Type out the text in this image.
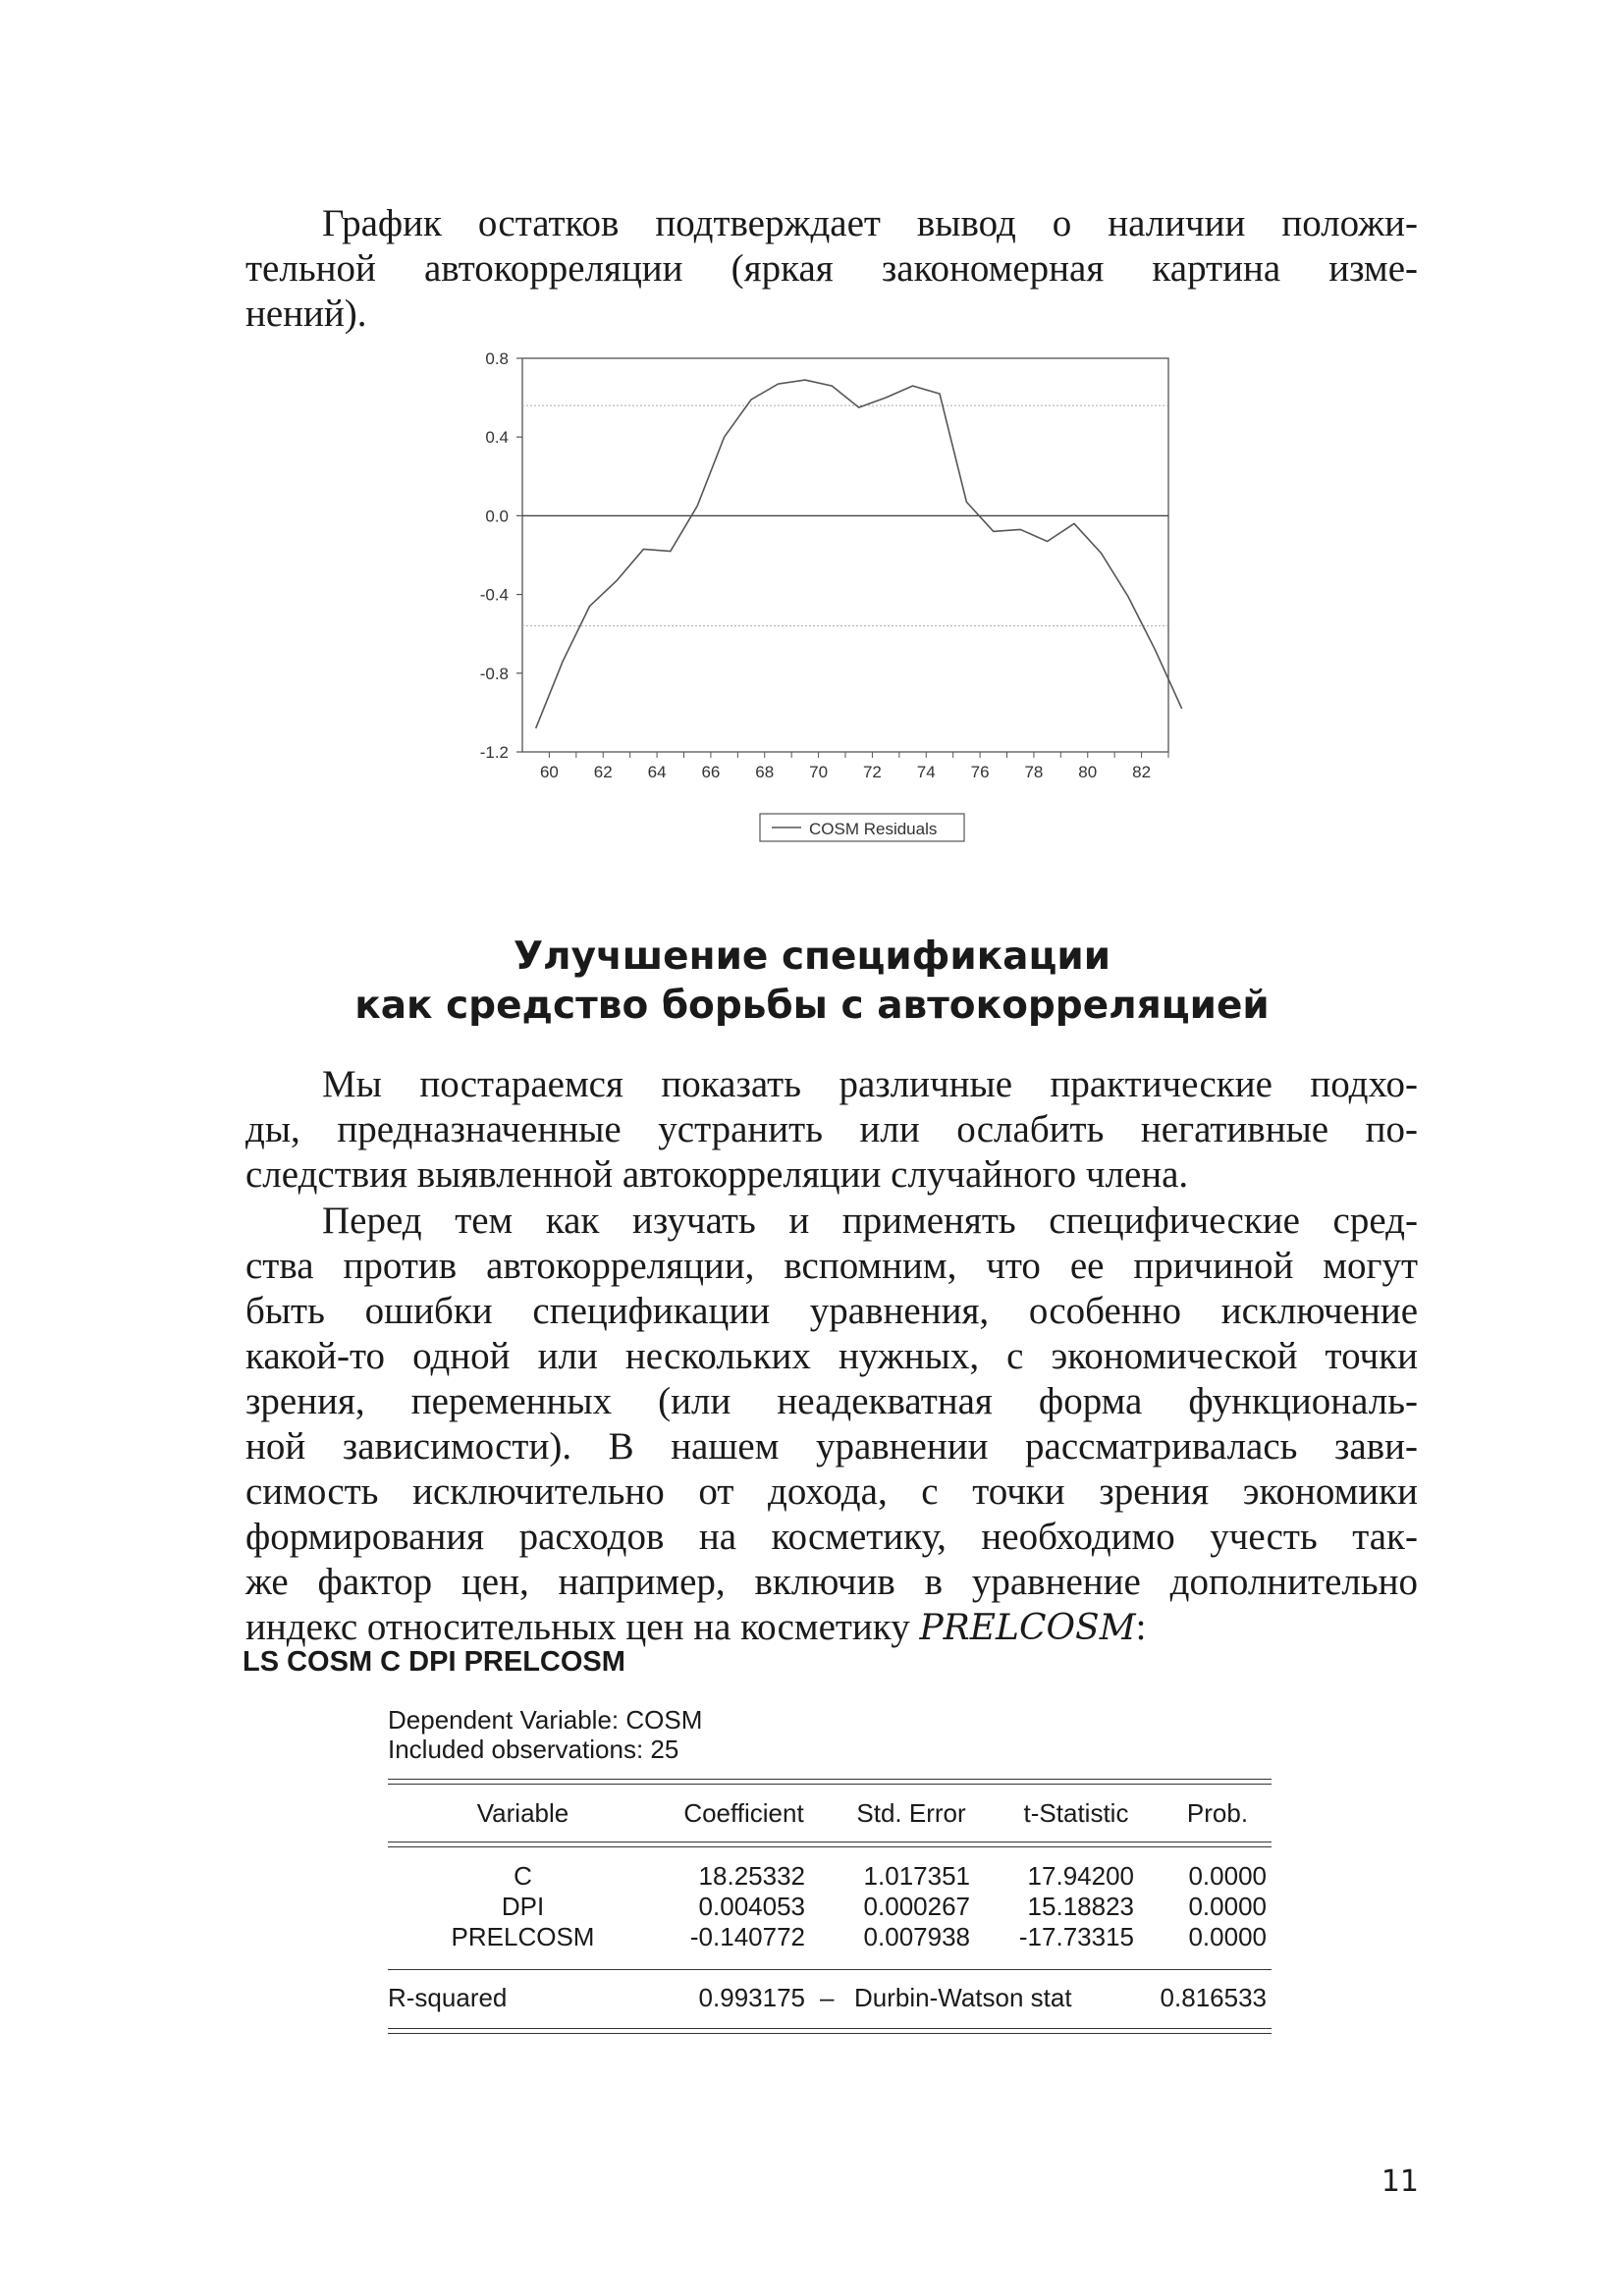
График остатков подтверждает вывод о наличии положи-
тельной автокорреляции (яркая закономерная картина изме-
нений).
0.8
0.4
0.0
-0.4
-0.8
-1.2
60 62 64 66 68 70 72 74 76 78 80 82
COSM Residuals
Улучшение спецификации
как средство борьбы с автокорреляцией
Мы постараемся показать различные практические подхо-
ды, предназначенные устранить или ослабить негативные по-
следствия выявленной автокорреляции случайного члена.
Перед тем как изучать и применять специфические сред-
ства против автокорреляции, вспомним, что ее причиной могут
быть ошибки спецификации уравнения, особенно исключение
какой-то одной или нескольких нужных, с экономической точки
зрения, переменных (или неадекватная форма функциональ-
ной зависимости). В нашем уравнении рассматривалась зави-
симость исключительно от дохода, с точки зрения экономики
формирования расходов на косметику, необходимо учесть так-
же фактор цен, например, включив в уравнение дополнительно
индекс относительных цен на косметику PRELCOSM:
LS COSM C DPI PRELCOSM
Dependent Variable: COSM
Included observations: 25
Variable	Coefficient	Std. Error	t-Statistic	Prob.
C	18.25332	1.017351	17.94200	0.0000
DPI	0.004053	0.000267	15.18823	0.0000
PRELCOSM	-0.140772	0.007938	-17.73315	0.0000
R-squared	0.993175 – Durbin-Watson stat	0.816533
11
